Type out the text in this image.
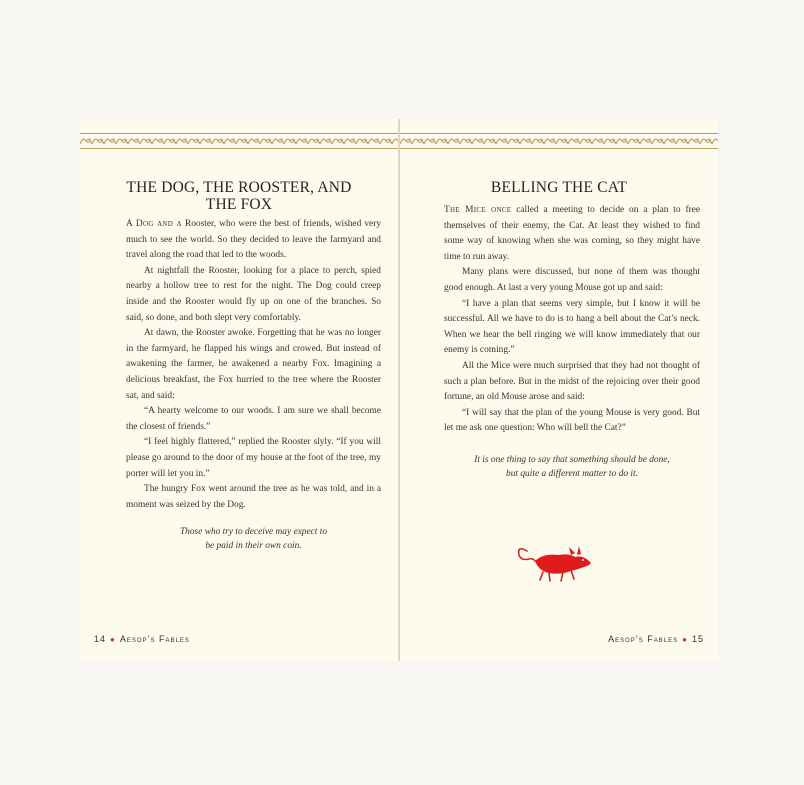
THE DOG, THE ROOSTER, AND THE FOX

A Dog and a Rooster, who were the best of friends, wished very much to see the world. So they decided to leave the farmyard and travel along the road that led to the woods.

At nightfall the Rooster, looking for a place to perch, spied nearby a hollow tree to rest for the night. The Dog could creep inside and the Rooster would fly up on one of the branches. So said, so done, and both slept very comfortably.

At dawn, the Rooster awoke. Forgetting that he was no longer in the farmyard, he flapped his wings and crowed. But instead of awakening the farmer, he awakened a nearby Fox. Imagining a delicious breakfast, the Fox hurried to the tree where the Rooster sat, and said:

“A hearty welcome to our woods. I am sure we shall become the closest of friends.”

“I feel highly flattered,” replied the Rooster slyly. “If you will please go around to the door of my house at the foot of the tree, my porter will let you in.”

The hungry Fox went around the tree as he was told, and in a moment was seized by the Dog.

Those who try to deceive may expect to
be paid in their own coin.
14 ● Aesop’s Fables
BELLING THE CAT

The Mice once called a meeting to decide on a plan to free themselves of their enemy, the Cat. At least they wished to find some way of knowing when she was coming, so they might have time to run away.

Many plans were discussed, but none of them was thought good enough. At last a very young Mouse got up and said:

“I have a plan that seems very simple, but I know it will be successful. All we have to do is to hang a bell about the Cat’s neck. When we hear the bell ringing we will know immediately that our enemy is coming.”

All the Mice were much surprised that they had not thought of such a plan before. But in the midst of the rejoicing over their good fortune, an old Mouse arose and said:

“I will say that the plan of the young Mouse is very good. But let me ask one question: Who will bell the Cat?”

It is one thing to say that something should be done,
but quite a different matter to do it.
Aesop’s Fables ● 15
